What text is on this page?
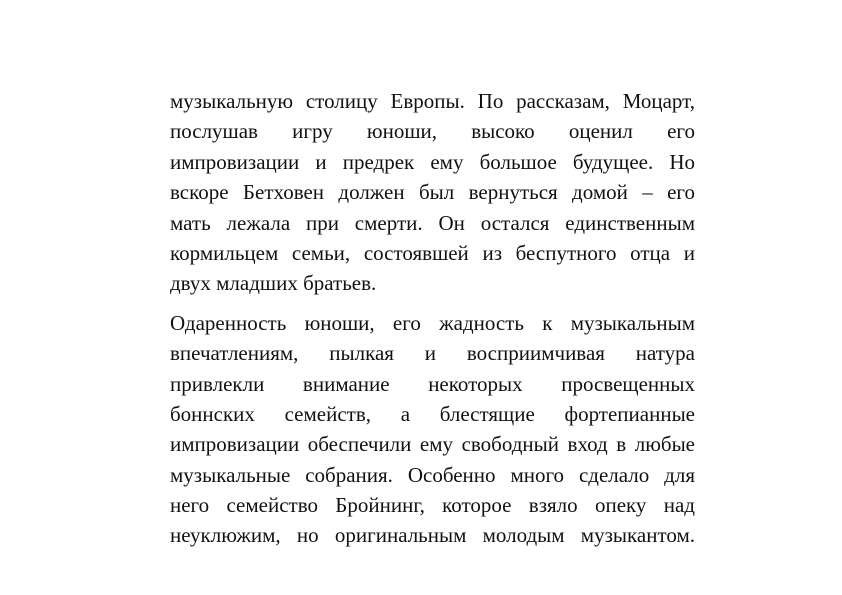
музыкальную столицу Европы. По рассказам, Моцарт,
послушав игру юноши, высоко оценил его
импровизации и предрек ему большое будущее. Но
вскоре Бетховен должен был вернуться домой – его
мать лежала при смерти. Он остался единственным
кормильцем семьи, состоявшей из беспутного отца и
двух младших братьев.
Одаренность юноши, его жадность к музыкальным
впечатлениям, пылкая и восприимчивая натура
привлекли внимание некоторых просвещенных
боннских семейств, а блестящие фортепианные
импровизации обеспечили ему свободный вход в любые
музыкальные собрания. Особенно много сделало для
него семейство Бройнинг, которое взяло опеку над
неуклюжим, но оригинальным молодым музыкантом.
